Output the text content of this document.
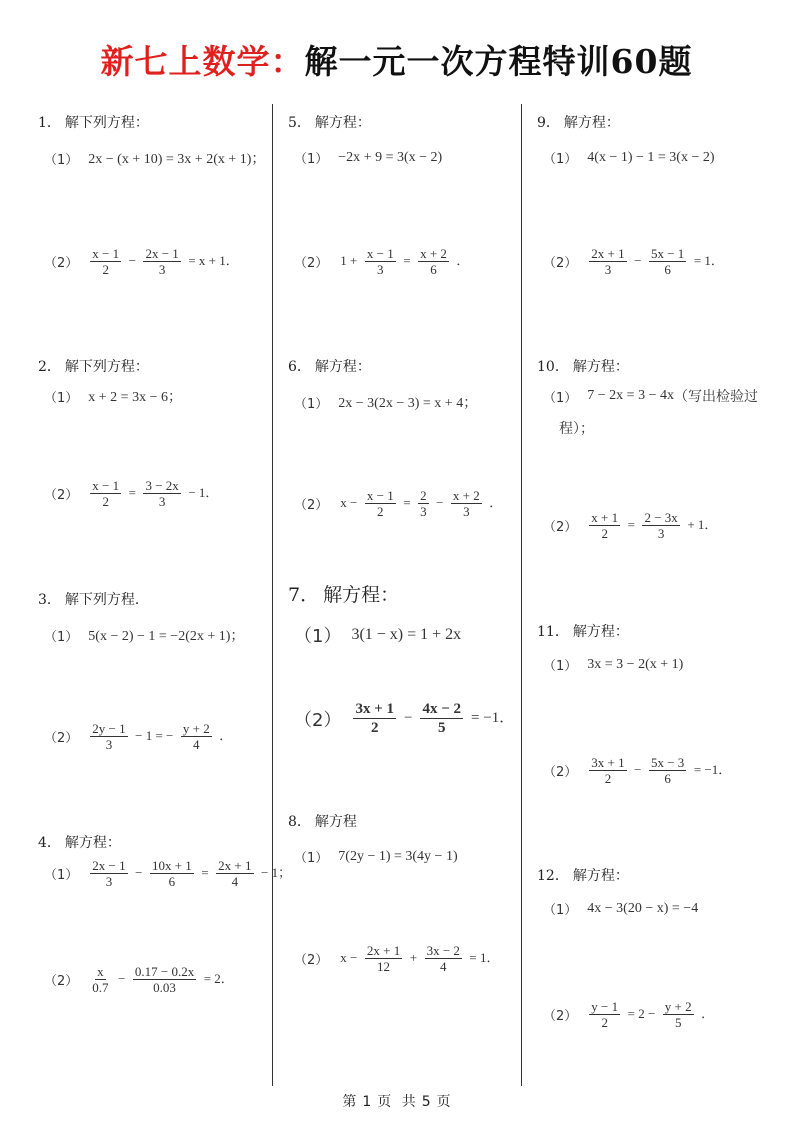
新七上数学：解一元一次方程特训60题
1． 解下列方程：
（1） 2x − (x + 10) = 3x + 2(x + 1)；
$(2) \frac{x - 1}{2} - \frac{2x - 1}{3} = x + 1$．
2． 解下列方程：
（1） x + 2 = 3x − 6；
$(2) \frac{x - 1}{2} = \frac{3 - 2x}{3} - 1$．
3． 解下列方程．
（1） 5(x − 2) − 1 = −2(2x + 1)；
$(2) \frac{2y - 1}{3} - 1$ = − $\frac{y + 2}{4}$ ．
4． 解方程：
$(1) \frac{2x - 1}{3} - \frac{10x + 1}{6} = \frac{2x + 1}{4} - 1$；
$(2) \frac{x}{0.7} - \frac{0.17 - 0.2x}{0.03} = 2$．
5． 解方程：
（1） −2x + 9 = 3(x − 2)
（2） $1 + \frac{x - 1}{3} = \frac{x + 2}{6}$ ．
6． 解方程：
（1） 2x − 3(2x − 3) = x + 4；
（2） $x - \frac{x - 1}{2} = \frac{2}{3} - \frac{x + 2}{3}$ ．
7． 解方程：
（1） 3(1 − x) = 1 + 2x
$(2) \frac{3x + 1}{2} - \frac{4x - 2}{5} = -1$．
8． 解方程
（1） 7(2y − 1) = 3(4y − 1)
（2） $x - \frac{2x + 1}{12} + \frac{3x - 2}{4} = 1$．
9． 解方程：
（1） 4(x − 1) − 1 = 3(x − 2)
$(2) \frac{2x + 1}{3} - \frac{5x - 1}{6} = 1$．
10． 解方程：
（1） 7 − 2x = 3 − 4x （写出检验过
程）；
$(2) \frac{x + 1}{2} = \frac{2 - 3x}{3} + 1$．
11． 解方程：
（1） 3x = 3 − 2(x + 1)
$(2) \frac{3x + 1}{2} - \frac{5x - 3}{6} = -1$．
12． 解方程：
（1） 4x − 3(20 − x) = −4
$(2) \frac{y - 1}{2} = 2 - \frac{y + 2}{5}$ ．
第 1 页 共 5 页
